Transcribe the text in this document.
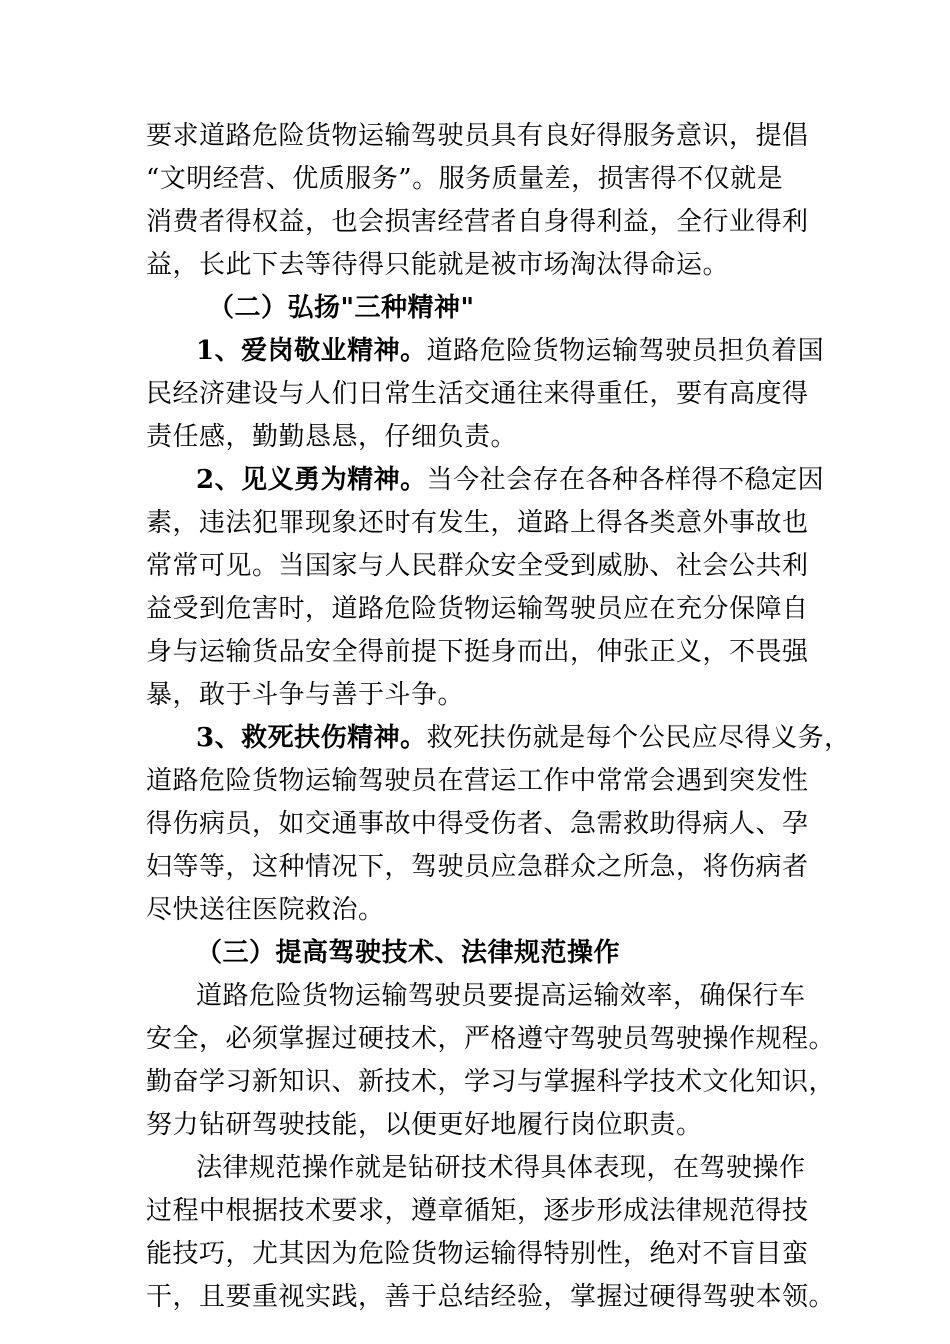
要求道路危险货物运输驾驶员具有良好得服务意识，提倡
“文明经营、优质服务”。服务质量差，损害得不仅就是
消费者得权益，也会损害经营者自身得利益，全行业得利
益，长此下去等待得只能就是被市场淘汰得命运。
（二）弘扬"三种精神"
1、爱岗敬业精神。道路危险货物运输驾驶员担负着国
民经济建设与人们日常生活交通往来得重任，要有高度得
责任感，勤勤恳恳，仔细负责。
2、见义勇为精神。当今社会存在各种各样得不稳定因
素，违法犯罪现象还时有发生，道路上得各类意外事故也
常常可见。当国家与人民群众安全受到威胁、社会公共利
益受到危害时，道路危险货物运输驾驶员应在充分保障自
身与运输货品安全得前提下挺身而出，伸张正义，不畏强
暴，敢于斗争与善于斗争。
3、救死扶伤精神。救死扶伤就是每个公民应尽得义务，
道路危险货物运输驾驶员在营运工作中常常会遇到突发性
得伤病员，如交通事故中得受伤者、急需救助得病人、孕
妇等等，这种情况下，驾驶员应急群众之所急，将伤病者
尽快送往医院救治。
（三）提高驾驶技术、法律规范操作
道路危险货物运输驾驶员要提高运输效率，确保行车
安全，必须掌握过硬技术，严格遵守驾驶员驾驶操作规程。
勤奋学习新知识、新技术，学习与掌握科学技术文化知识，
努力钻研驾驶技能，以便更好地履行岗位职责。
法律规范操作就是钻研技术得具体表现，在驾驶操作
过程中根据技术要求，遵章循矩，逐步形成法律规范得技
能技巧，尤其因为危险货物运输得特别性，绝对不盲目蛮
干，且要重视实践，善于总结经验，掌握过硬得驾驶本领。
